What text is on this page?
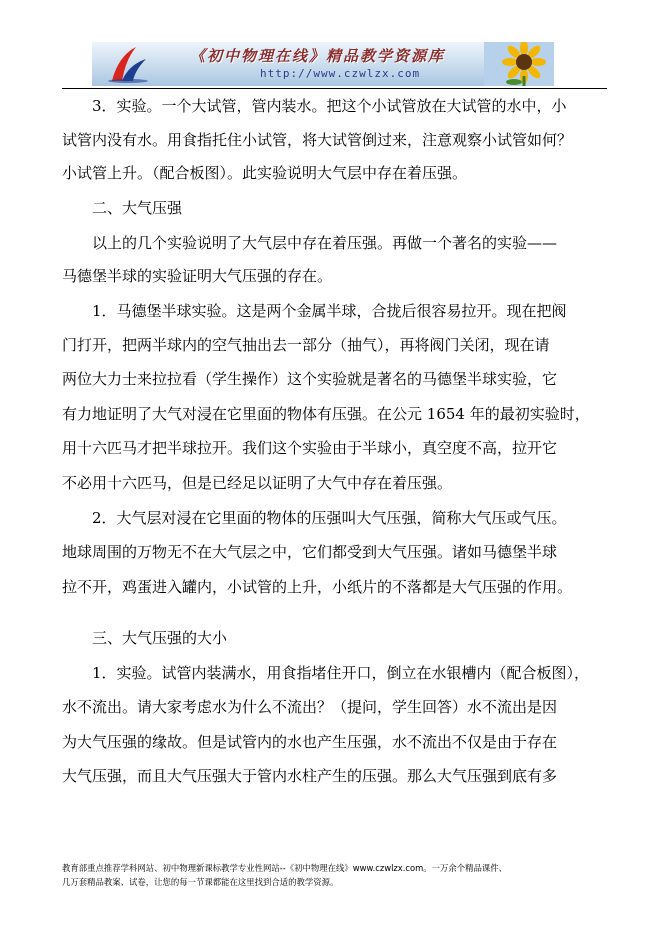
《初中物理在线》精品教学资源库
http://www.czwlzx.com
3．实验。一个大试管，管内装水。把这个小试管放在大试管的水中，小
试管内没有水。用食指托住小试管，将大试管倒过来，注意观察小试管如何？
小试管上升。（配合板图）。此实验说明大气层中存在着压强。
二、大气压强
以上的几个实验说明了大气层中存在着压强。再做一个著名的实验——
马德堡半球的实验证明大气压强的存在。
1．马德堡半球实验。这是两个金属半球，合拢后很容易拉开。现在把阀
门打开，把两半球内的空气抽出去一部分（抽气），再将阀门关闭，现在请
两位大力士来拉拉看（学生操作）这个实验就是著名的马德堡半球实验，它
有力地证明了大气对浸在它里面的物体有压强。在公元 1654 年的最初实验时，
用十六匹马才把半球拉开。我们这个实验由于半球小，真空度不高，拉开它
不必用十六匹马，但是已经足以证明了大气中存在着压强。
2．大气层对浸在它里面的物体的压强叫大气压强，简称大气压或气压。
地球周围的万物无不在大气层之中，它们都受到大气压强。诸如马德堡半球
拉不开，鸡蛋进入罐内，小试管的上升，小纸片的不落都是大气压强的作用。
三、大气压强的大小
1．实验。试管内装满水，用食指堵住开口，倒立在水银槽内（配合板图），
水不流出。请大家考虑水为什么不流出？（提问，学生回答）水不流出是因
为大气压强的缘故。但是试管内的水也产生压强，水不流出不仅是由于存在
大气压强，而且大气压强大于管内水柱产生的压强。那么大气压强到底有多
教育部重点推荐学科网站、初中物理新课标教学专业性网站--《初中物理在线》www.czwlzx.com。一万余个精品课件、
几万套精品教案、试卷，让您的每一节课都能在这里找到合适的教学资源。
